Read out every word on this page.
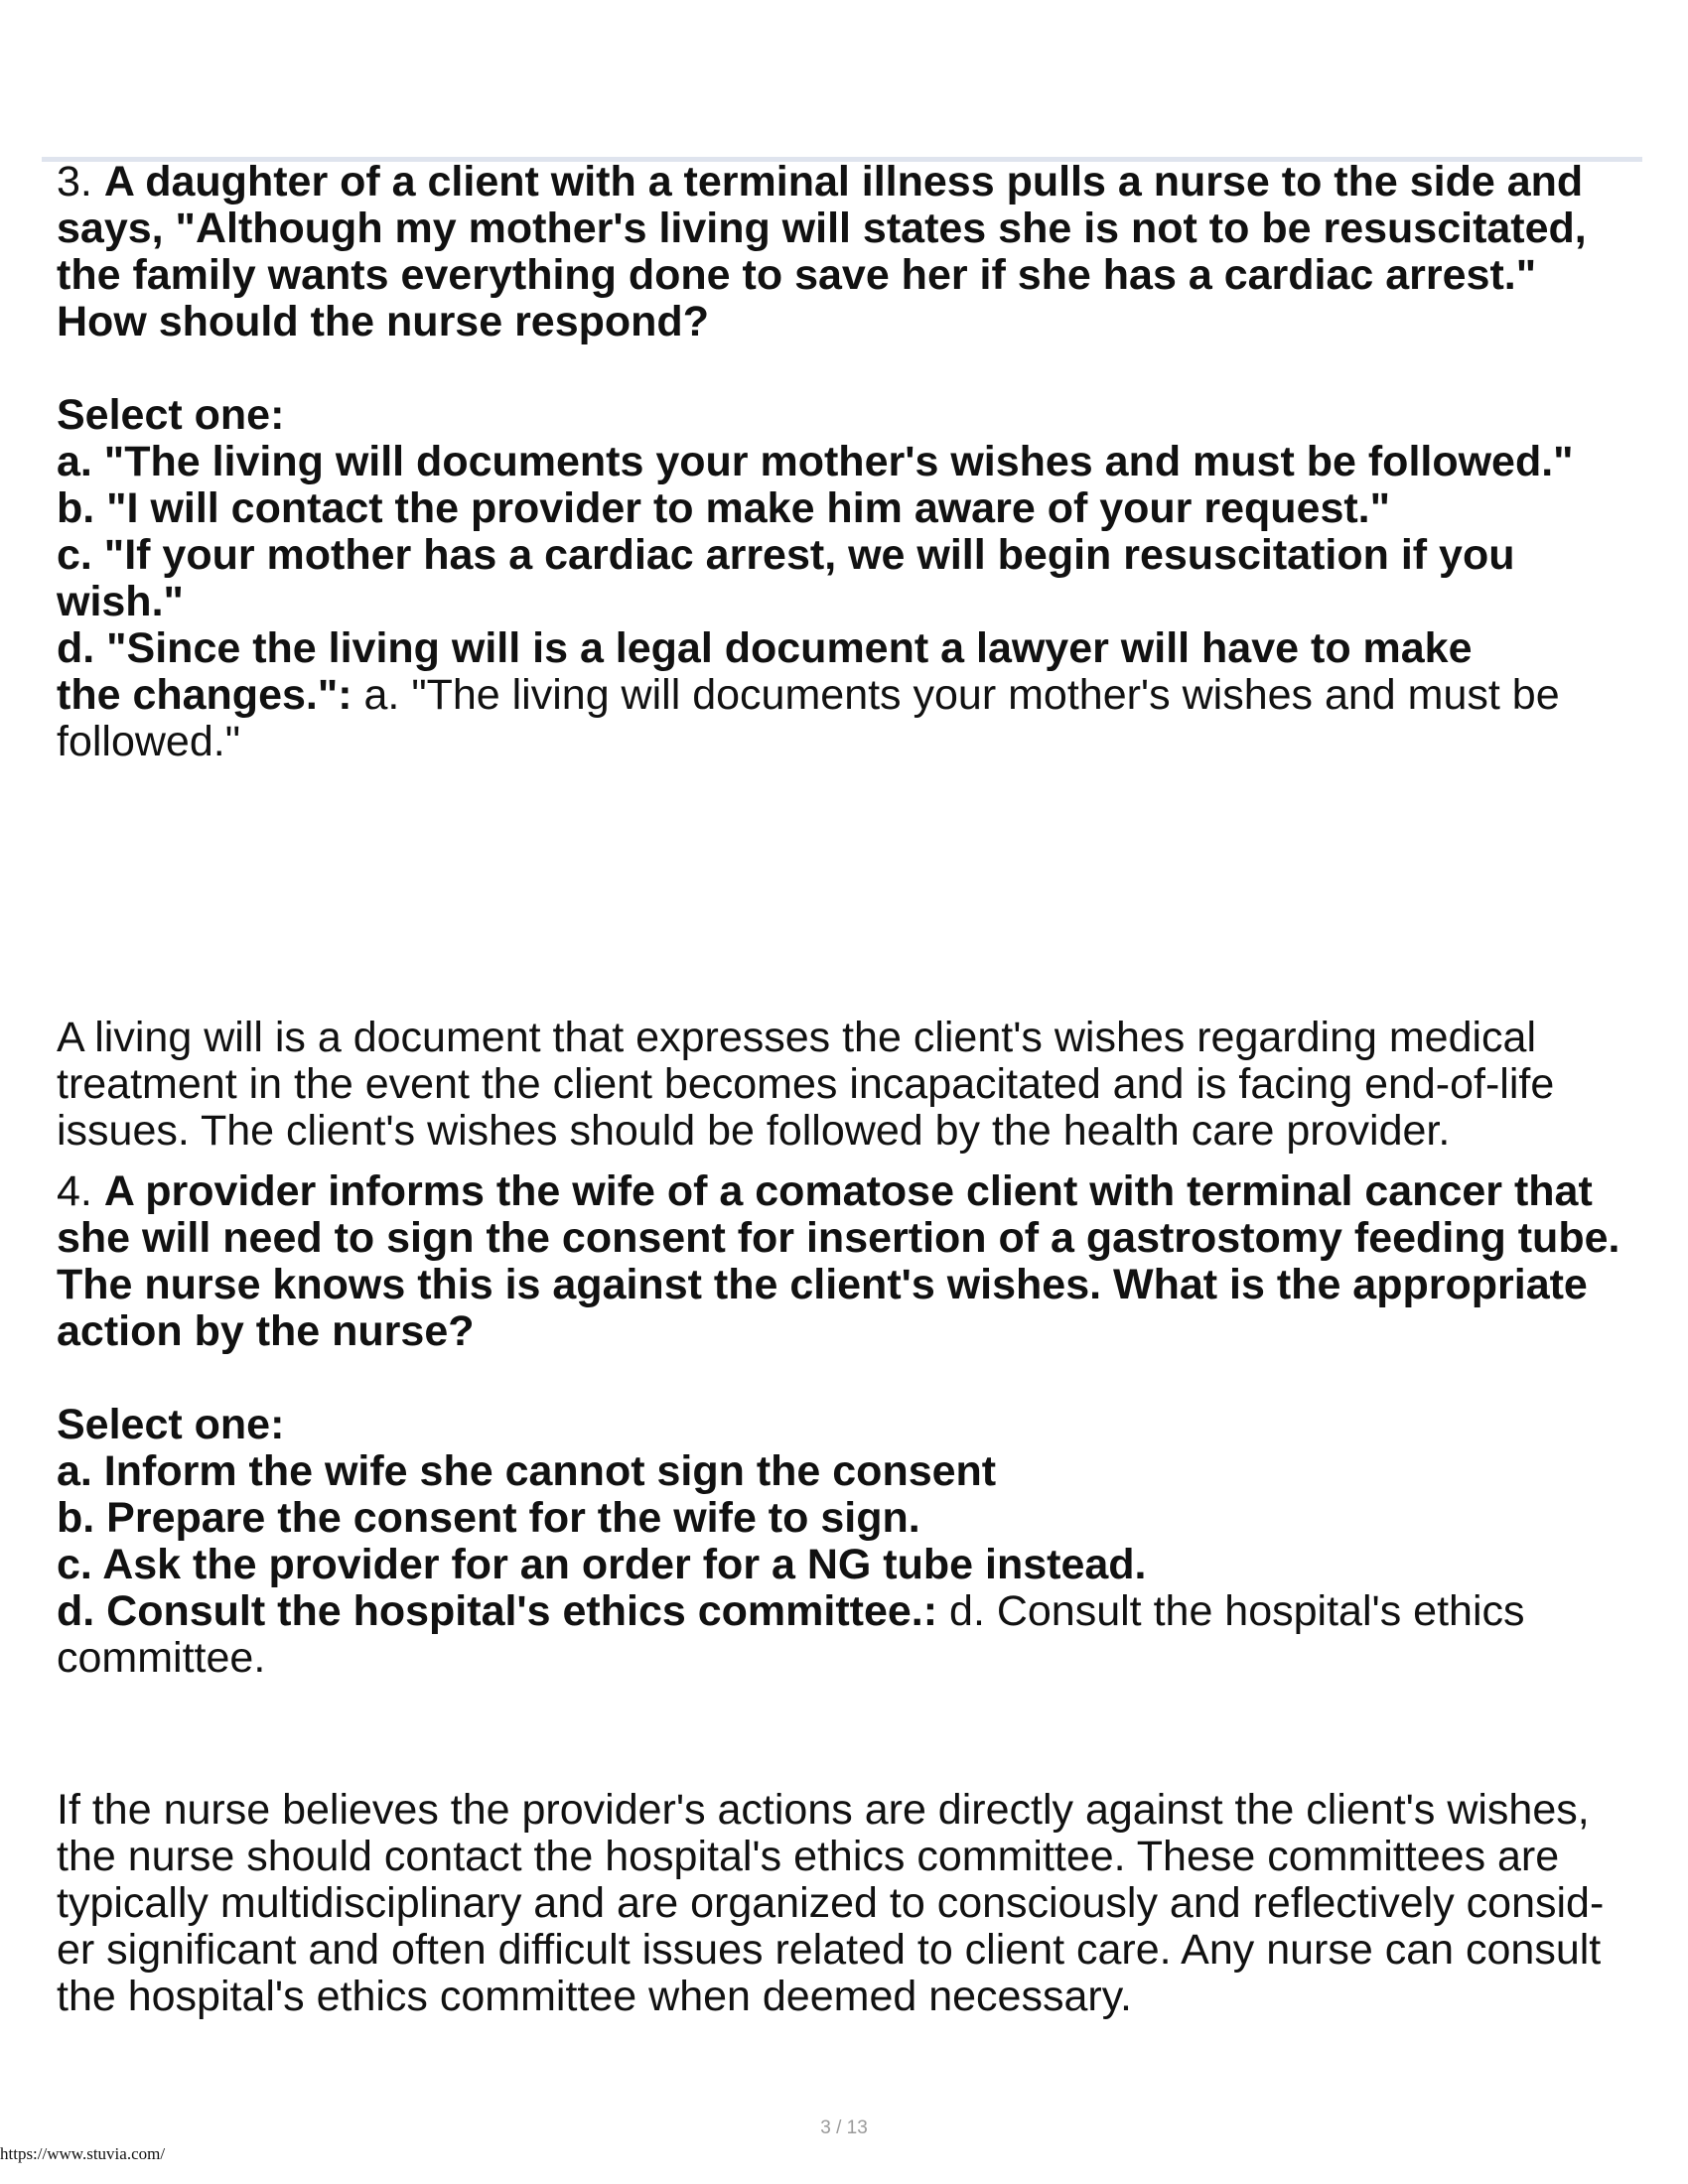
3. A daughter of a client with a terminal illness pulls a nurse to the side and
says, "Although my mother's living will states she is not to be resuscitated,
the family wants everything done to save her if she has a cardiac arrest."
How should the nurse respond?
Select one:
a. "The living will documents your mother's wishes and must be followed."
b. "I will contact the provider to make him aware of your request."
c. "If your mother has a cardiac arrest, we will begin resuscitation if you
wish."
d. "Since the living will is a legal document a lawyer will have to make
the changes.": a. "The living will documents your mother's wishes and must be
followed."
A living will is a document that expresses the client's wishes regarding medical
treatment in the event the client becomes incapacitated and is facing end-of-life
issues. The client's wishes should be followed by the health care provider.
4. A provider informs the wife of a comatose client with terminal cancer that
she will need to sign the consent for insertion of a gastrostomy feeding tube.
The nurse knows this is against the client's wishes. What is the appropriate
action by the nurse?
Select one:
a. Inform the wife she cannot sign the consent
b. Prepare the consent for the wife to sign.
c. Ask the provider for an order for a NG tube instead.
d. Consult the hospital's ethics committee.: d. Consult the hospital's ethics
committee.
If the nurse believes the provider's actions are directly against the client's wishes,
the nurse should contact the hospital's ethics committee. These committees are
typically multidisciplinary and are organized to consciously and reflectively consid-
er significant and often difficult issues related to client care. Any nurse can consult
the hospital's ethics committee when deemed necessary.
3 / 13
https://www.stuvia.com/
